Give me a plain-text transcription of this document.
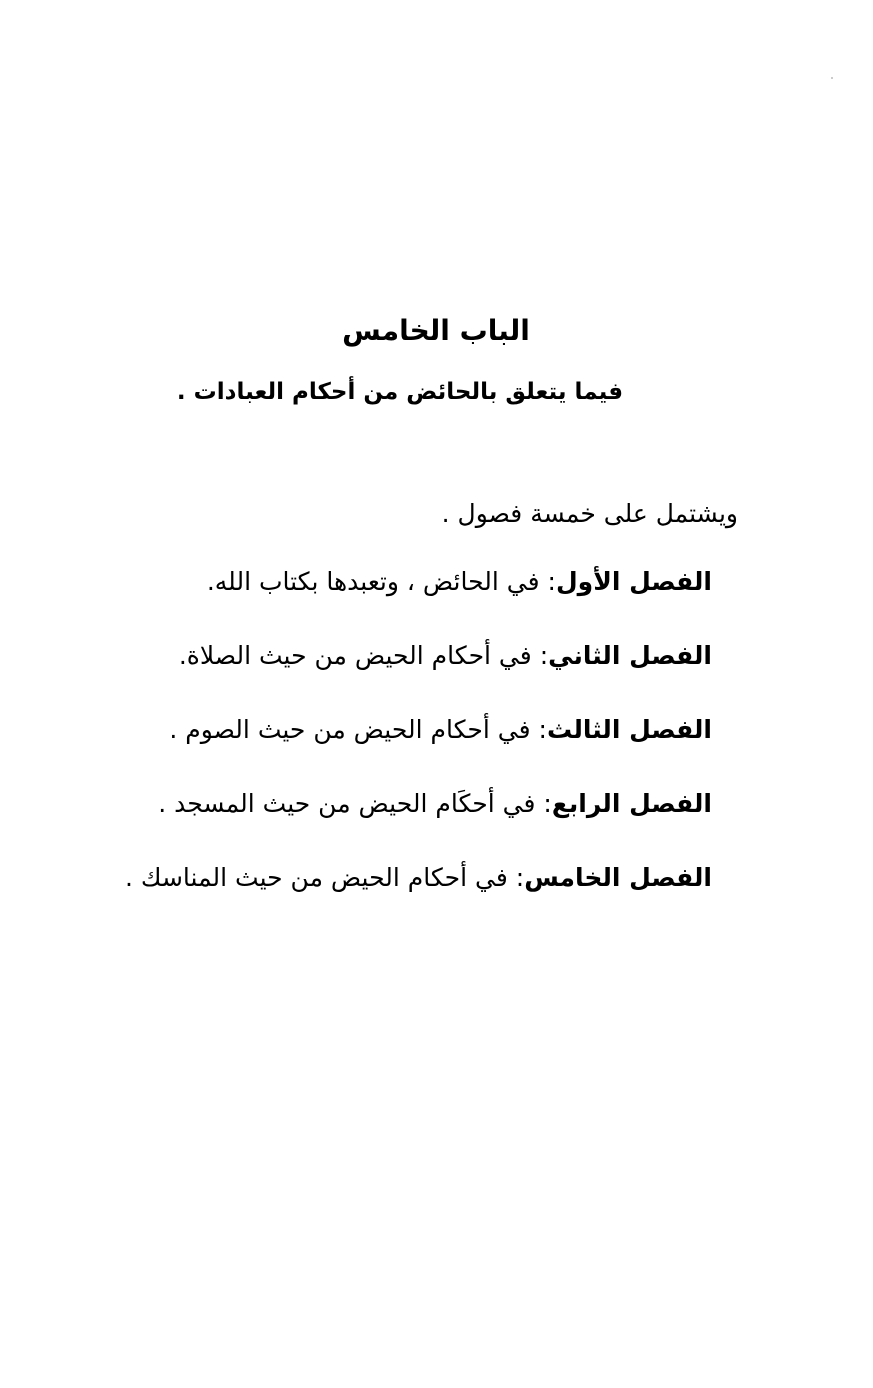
الباب الخامس
فيما يتعلق بالحائض من أحكام العبادات .
ويشتمل على خمسة فصول .
الفصل الأول:في الحائض ، وتعبدها بكتاب الله.
الفصل الثاني:في أحكام الحيض من حيث الصلاة.
الفصل الثالث:في أحكام الحيض من حيث الصوم .
الفصل الرابع:في أحكَام الحيض من حيث المسجد .
الفصل الخامس:في أحكام الحيض من حيث المناسك .
